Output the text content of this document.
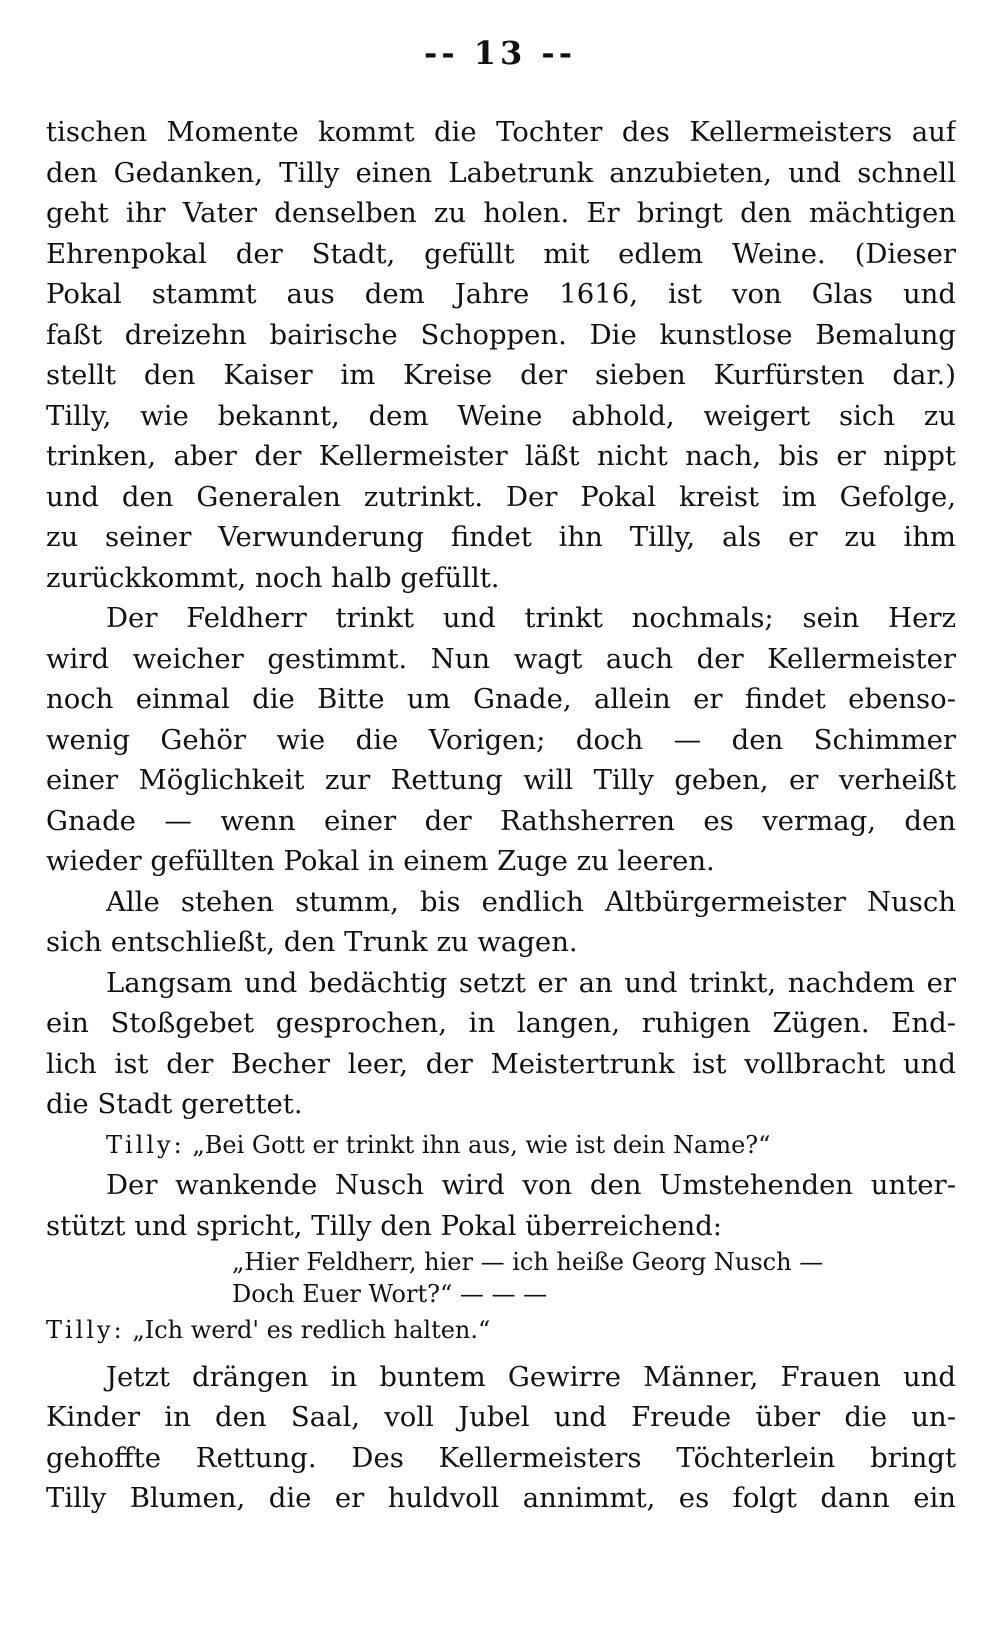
-- 13 --
tischen Momente kommt die Tochter des Kellermeisters auf
den Gedanken, Tilly einen Labetrunk anzubieten, und schnell
geht ihr Vater denselben zu holen. Er bringt den mächtigen
Ehrenpokal der Stadt, gefüllt mit edlem Weine. (Dieser
Pokal stammt aus dem Jahre 1616, ist von Glas und
faßt dreizehn bairische Schoppen. Die kunstlose Bemalung
stellt den Kaiser im Kreise der sieben Kurfürsten dar.)
Tilly, wie bekannt, dem Weine abhold, weigert sich zu
trinken, aber der Kellermeister läßt nicht nach, bis er nippt
und den Generalen zutrinkt. Der Pokal kreist im Gefolge,
zu seiner Verwunderung findet ihn Tilly, als er zu ihm
zurückkommt, noch halb gefüllt.
Der Feldherr trinkt und trinkt nochmals; sein Herz
wird weicher gestimmt. Nun wagt auch der Kellermeister
noch einmal die Bitte um Gnade, allein er findet ebenso-
wenig Gehör wie die Vorigen; doch — den Schimmer
einer Möglichkeit zur Rettung will Tilly geben, er verheißt
Gnade — wenn einer der Rathsherren es vermag, den
wieder gefüllten Pokal in einem Zuge zu leeren.
Alle stehen stumm, bis endlich Altbürgermeister Nusch
sich entschließt, den Trunk zu wagen.
Langsam und bedächtig setzt er an und trinkt, nachdem er
ein Stoßgebet gesprochen, in langen, ruhigen Zügen. End-
lich ist der Becher leer, der Meistertrunk ist vollbracht und
die Stadt gerettet.
Tilly: „Bei Gott er trinkt ihn aus, wie ist dein Name?“
Der wankende Nusch wird von den Umstehenden unter-
stützt und spricht, Tilly den Pokal überreichend:
„Hier Feldherr, hier — ich heiße Georg Nusch —
Doch Euer Wort?“ — — —
Tilly: „Ich werd' es redlich halten.“
Jetzt drängen in buntem Gewirre Männer, Frauen und
Kinder in den Saal, voll Jubel und Freude über die un-
gehoffte Rettung. Des Kellermeisters Töchterlein bringt
Tilly Blumen, die er huldvoll annimmt, es folgt dann ein
